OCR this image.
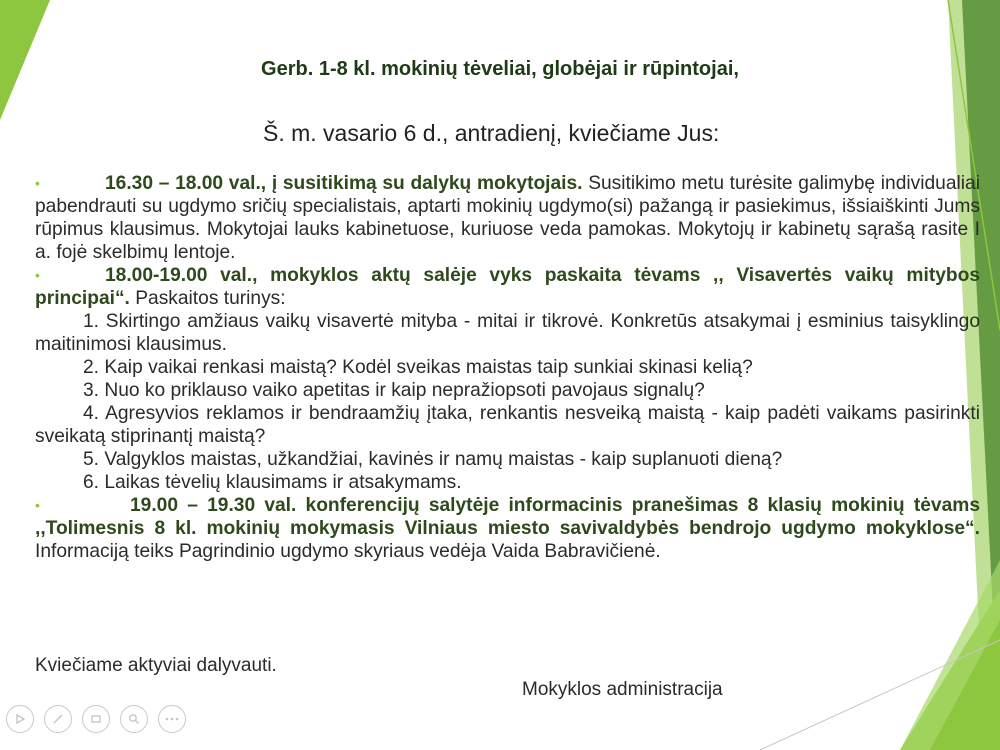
Gerb. 1-8 kl. mokinių tėveliai, globėjai ir rūpintojai,
Š. m. vasario 6 d., antradienį, kviečiame Jus:

•	16.30 – 18.00 val., į susitikimą su dalykų mokytojais. Susitikimo metu turėsite galimybę individualiai pabendrauti su ugdymo sričių specialistais, aptarti mokinių ugdymo(si) pažangą ir pasiekimus, išsiaiškinti Jums rūpimus klausimus. Mokytojai lauks kabinetuose, kuriuose veda pamokas. Mokytojų ir kabinetų sąrašą rasite I a. fojė skelbimų lentoje.

•	18.00-19.00 val., mokyklos aktų salėje vyks paskaita tėvams ,, Visavertės vaikų mitybos principai“. Paskaitos turinys:

1. Skirtingo amžiaus vaikų visavertė mityba - mitai ir tikrovė. Konkretūs atsakymai į esminius taisyklingo maitinimosi klausimus.

2. Kaip vaikai renkasi maistą? Kodėl sveikas maistas taip sunkiai skinasi kelią?

3. Nuo ko priklauso vaiko apetitas ir kaip nepražiopsoti pavojaus signalų?

4. Agresyvios reklamos ir bendraamžių įtaka, renkantis nesveiką maistą - kaip padėti vaikams pasirinkti sveikatą stiprinantį maistą?

5. Valgyklos maistas, užkandžiai, kavinės ir namų maistas - kaip suplanuoti dieną?

6. Laikas tėvelių klausimams ir atsakymams.

•	19.00 – 19.30 val. konferencijų salytėje informacinis pranešimas 8 klasių mokinių tėvams ,,Tolimesnis 8 kl. mokinių mokymasis Vilniaus miesto savivaldybės bendrojo ugdymo mokyklose“. Informaciją teiks Pagrindinio ugdymo skyriaus vedėja Vaida Babravičienė.

Kviečiame aktyviai dalyvauti.
Mokyklos administracija
